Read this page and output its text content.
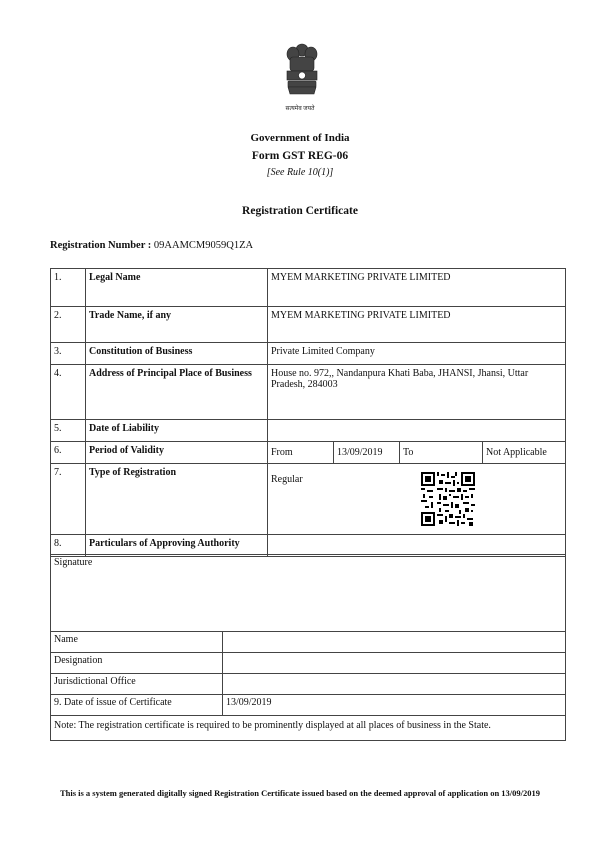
सत्यमेव जयते
Government of India
Form GST REG-06
[See Rule 10(1)]
Registration Certificate
Registration Number : 09AAMCM9059Q1ZA
1.	Legal Name	MYEM MARKETING PRIVATE LIMITED
2.	Trade Name, if any	MYEM MARKETING PRIVATE LIMITED
3.	Constitution of Business	Private Limited Company
4.	Address of Principal Place of Business	House no. 972,, Nandanpura Khati Baba, JHANSI, Jhansi, Uttar Pradesh, 284003
5.	Date of Liability	
6.	Period of Validity	From 13/09/2019 To Not Applicable

7.	Type of Registration	Regular
8.	Particulars of Approving Authority	
Signature	
Name	
Designation	
Jurisdictional Office	
9. Date of issue of Certificate	13/09/2019
Note: The registration certificate is required to be prominently displayed at all places of business in the State.	
This is a system generated digitally signed Registration Certificate issued based on the deemed approval of application on 13/09/2019
